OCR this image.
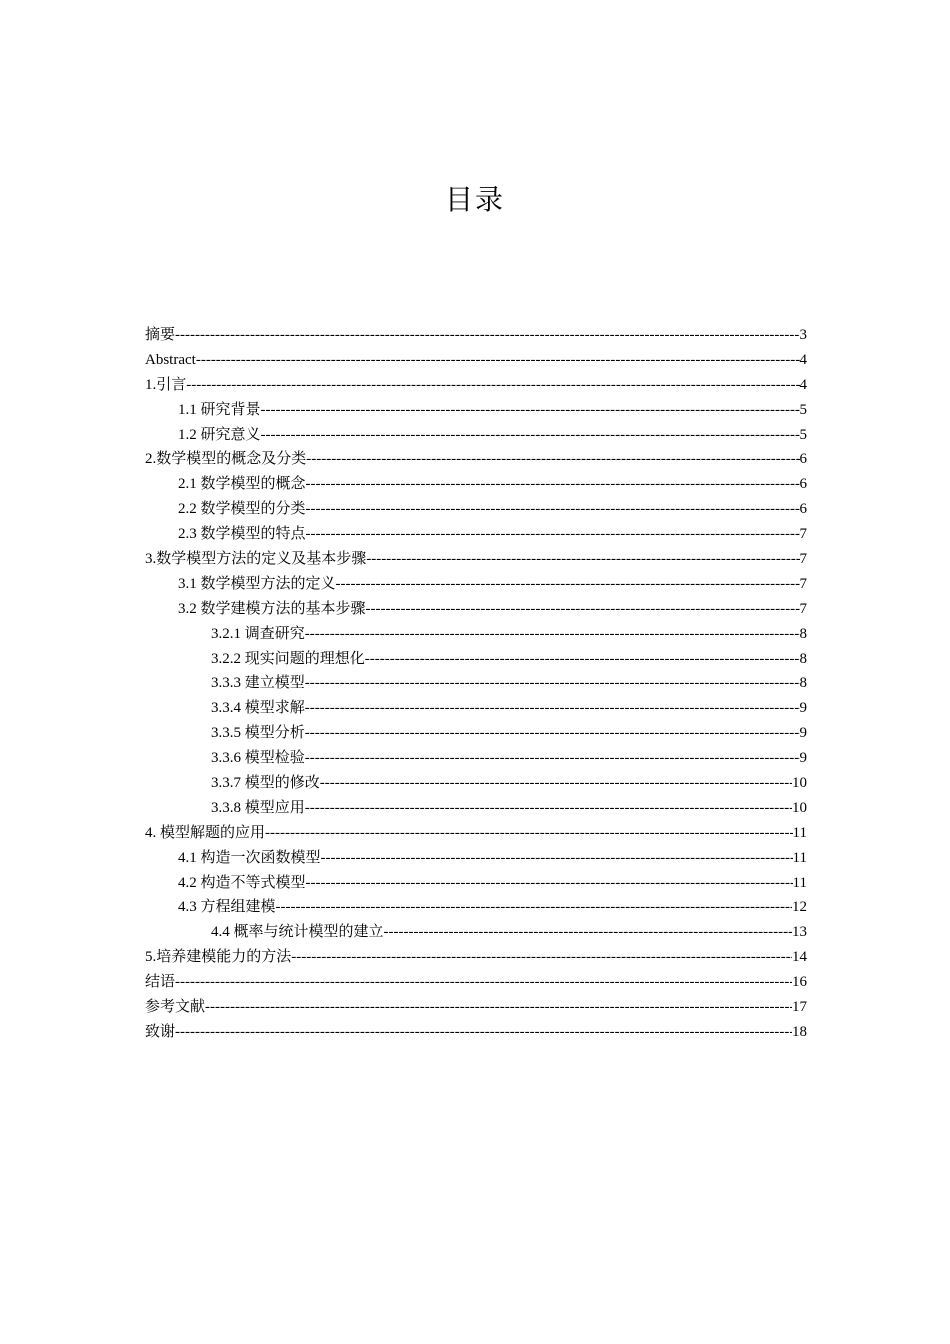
目录
摘要 -----	3
Abstract -----	4
1.引言 -----	4
1.1 研究背景 -----	5
1.2 研究意义 -----	5
2.数学模型的概念及分类 -----	6
2.1 数学模型的概念 -----	6
2.2 数学模型的分类 -----	6
2.3 数学模型的特点 -----	7
3.数学模型方法的定义及基本步骤 -----	7
3.1 数学模型方法的定义 -----	7
3.2 数学建模方法的基本步骤 -----	7
3.2.1 调查研究 -----	8
3.2.2 现实问题的理想化 -----	8
3.3.3 建立模型 -----	8
3.3.4 模型求解 -----	9
3.3.5 模型分析 -----	9
3.3.6 模型检验 -----	9
3.3.7 模型的修改 -----	10
3.3.8 模型应用 -----	10
4. 模型解题的应用 -----	11
4.1 构造一次函数模型 -----	11
4.2 构造不等式模型 -----	11
4.3 方程组建模 -----	12
4.4 概率与统计模型的建立 -----	13
5.培养建模能力的方法 -----	14
结语 -----	16
参考文献 -----	17
致谢 -----	18
